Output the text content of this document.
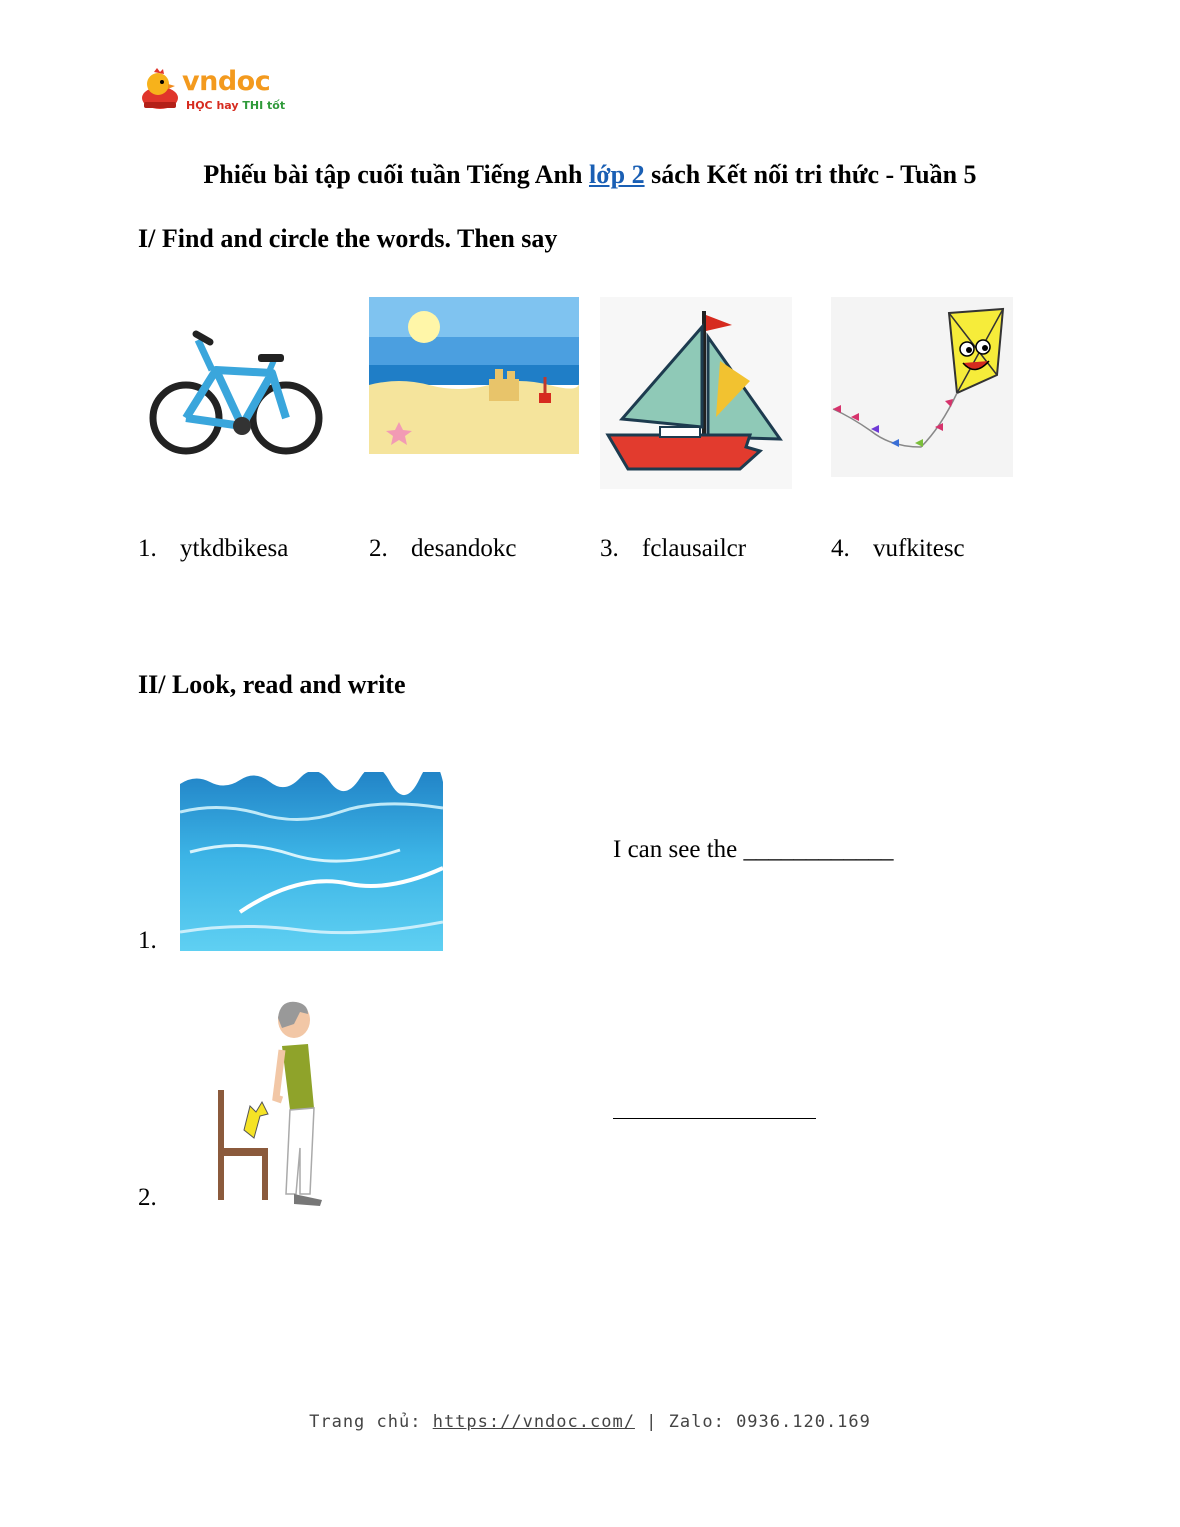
vndoc
HỌC hay THI tốt
Phiếu bài tập cuối tuần Tiếng Anh lớp 2 sách Kết nối tri thức - Tuần 5
I/ Find and circle the words. Then say
1. ytkdbikesa	2. desandokc	3. fclausailcr	4. vufkitesc
II/ Look, read and write
1.
I can see the ____________
2.
Trang chủ: https://vndoc.com/ | Zalo: 0936.120.169
